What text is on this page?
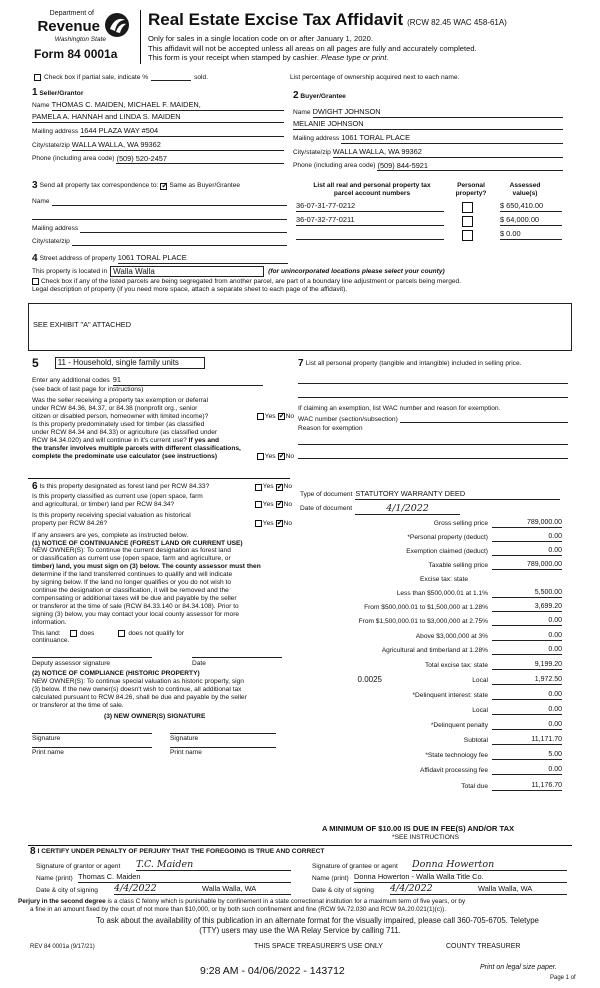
Department of
Revenue
Washington State
Form 84 0001a
Real Estate Excise Tax Affidavit (RCW 82.45 WAC 458-61A)
Only for sales in a single location code on or after January 1, 2020.
This affidavit will not be accepted unless all areas on all pages are fully and accurately completed.
This form is your receipt when stamped by cashier. Please type or print.
Check box if partial sale, indicate %	sold.	List percentage of ownership acquired next to each name.
1 Seller/Grantor
Name THOMAS C. MAIDEN, MICHAEL F. MAIDEN,
PAMELA A. HANNAH and LINDA S. MAIDEN
Mailing address 1644 PLAZA WAY #504
City/state/zip WALLA WALLA, WA 99362
Phone (including area code) (509) 520-2457
2 Buyer/Grantee
Name DWIGHT JOHNSON
MELANIE JOHNSON
Mailing address 1061 TORAL PLACE
City/state/zip WALLA WALLA, WA 99362
Phone (including area code) (509) 844-5921
3 Send all property tax correspondence to: ✓ Same as Buyer/Grantee
Name
Mailing address
City/state/zip
List all real and personal property tax
parcel account numbers
Personal
property?
Assessed
value(s)
36-07-31-77-0212	$ 650,410.00
36-07-32-77-0211	$ 64,000.00
$ 0.00
4 Street address of property 1061 TORAL PLACE
This property is located in Walla Walla	(for unincorporated locations please select your county)
Check box if any of the listed parcels are being segregated from another parcel, are part of a boundary line adjustment or parcels being merged.
Legal description of property (if you need more space, attach a separate sheet to each page of the affidavit).
SEE EXHIBIT "A" ATTACHED
5	11 - Household, single family units
Enter any additional codes 91
(see back of last page for instructions)
Was the seller receiving a property tax exemption or deferral
under RCW 84.36, 84.37, or 84.38 (nonprofit org., senior
citizen or disabled person, homeowner with limited income)?	Yes ✓ No
Is this property predominately used for timber (as classified
under RCW 84.34 and 84.33) or agriculture (as classified under
RCW 84.34.020) and will continue in it's current use? If yes and
the transfer involves multiple parcels with different classifications,
complete the predominate use calculator (see instructions)	Yes ✓ No
7 List all personal property (tangible and intangible) included in selling price.
If claiming an exemption, list WAC number and reason for exemption.
WAC number (section/subsection)
Reason for exemption
6 Is this property designated as forest land per RCW 84.33?	Yes ✓ No
Is this property classified as current use (open space, farm
and agricultural, or timber) land per RCW 84.34?	Yes ✓ No
Is this property receiving special valuation as historical
property per RCW 84.26?	Yes ✓ No
If any answers are yes, complete as instructed below.
(1) NOTICE OF CONTINUANCE (FOREST LAND OR CURRENT USE)
NEW OWNER(S): To continue the current designation as forest land
or classification as current use (open space, farm and agriculture, or
timber) land, you must sign on (3) below. The county assessor must then
determine if the land transferred continues to qualify and will indicate
by signing below. If the land no longer qualifies or you do not wish to
continue the designation or classification, it will be removed and the
compensating or additional taxes will be due and payable by the seller
or transferor at the time of sale (RCW 84.33.140 or 84.34.108). Prior to
signing (3) below, you may contact your local county assessor for more
information.
This land:	does	does not qualify for
continuance.
Deputy assessor signature	Date
(2) NOTICE OF COMPLIANCE (HISTORIC PROPERTY)
NEW OWNER(S): To continue special valuation as historic property, sign
(3) below. If the new owner(s) doesn't wish to continue, all additional tax
calculated pursuant to RCW 84.26, shall be due and payable by the seller
or transferor at the time of sale.
(3) NEW OWNER(S) SIGNATURE
Signature	Signature
Print name	Print name
Type of document STATUTORY WARRANTY DEED
Date of document	4/1/2022
Gross selling price	789,000.00
*Personal property (deduct)	0.00
Exemption claimed (deduct)	0.00
Taxable selling price	789,000.00
Excise tax: state
Less than $500,000.01 at 1.1%	5,500.00
From $500,000.01 to $1,500,000 at 1.28%	3,699.20
From $1,500,000.01 to $3,000,000 at 2.75%	0.00
Above $3,000,000 at 3%	0.00
Agricultural and timberland at 1.28%	0.00
Total excise tax: state	9,199.20
0.0025	Local	1,972.50
*Delinquent interest: state	0.00
Local	0.00
*Delinquent penalty	0.00
Subtotal	11,171.70
*State technology fee	5.00
Affidavit processing fee	0.00
Total due	11,176.70
A MINIMUM OF $10.00 IS DUE IN FEE(S) AND/OR TAX
*SEE INSTRUCTIONS
8 I CERTIFY UNDER PENALTY OF PERJURY THAT THE FOREGOING IS TRUE AND CORRECT
Signature of grantor or agent	T.C. Maiden
Name (print) Thomas C. Maiden
Date & city of signing	4/4/2022	Walla Walla, WA
Signature of grantee or agent	Donna Howerton
Name (print) Donna Howerton - Walla Walla Title Co.
Date & city of signing	4/4/2022	Walla Walla, WA
Perjury in the second degree is a class C felony which is punishable by confinement in a state correctional institution for a maximum term of five years, or by
a fine in an amount fixed by the court of not more than $10,000, or by both such confinement and fine (RCW 9A.72.030 and RCW 9A.20.021(1)(c)).
To ask about the availability of this publication in an alternate format for the visually impaired, please call 360-705-6705. Teletype
(TTY) users may use the WA Relay Service by calling 711.
REV 84 0001a (9/17/21)	THIS SPACE TREASURER'S USE ONLY	COUNTY TREASURER
9:28 AM - 04/06/2022 - 143712	Print on legal size paper.
Page 1 of
